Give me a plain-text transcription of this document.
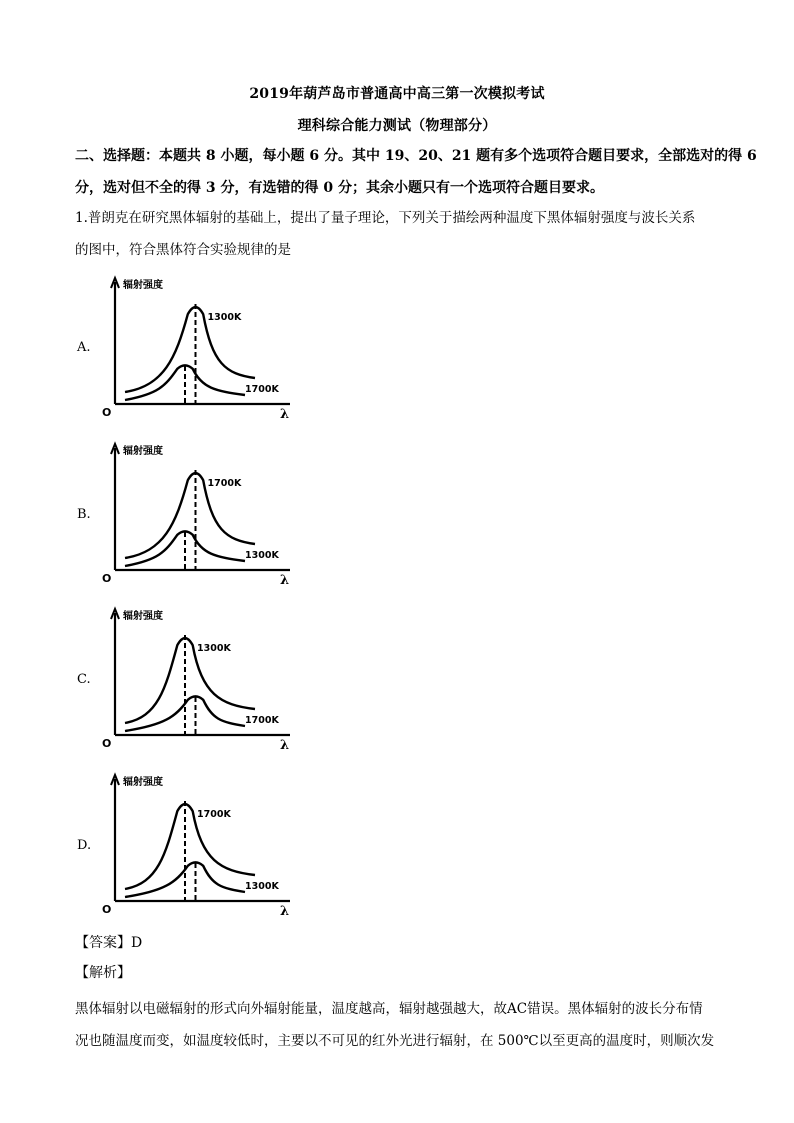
2019年葫芦岛市普通高中高三第一次模拟考试
理科综合能力测试（物理部分）
二、选择题：本题共 8 小题，每小题 6 分。其中 19、20、21 题有多个选项符合题目要求，全部选对的得 6
分，选对但不全的得 3 分，有选错的得 0 分；其余小题只有一个选项符合题目要求。
1.普朗克在研究黑体辐射的基础上，提出了量子理论，下列关于描绘两种温度下黑体辐射强度与波长关系
的图中，符合黑体符合实验规律的是
A.
辐射强度
λ
O
1300K
1700K
B.
辐射强度
λ
O
1700K
1300K
C.
辐射强度
λ
O
1300K
1700K
D.
辐射强度
λ
O
1700K
1300K
【答案】D
【解析】
黑体辐射以电磁辐射的形式向外辐射能量，温度越高，辐射越强越大，故AC错误。黑体辐射的波长分布情
况也随温度而变，如温度较低时，主要以不可见的红外光进行辐射，在 500℃以至更高的温度时，则顺次发
